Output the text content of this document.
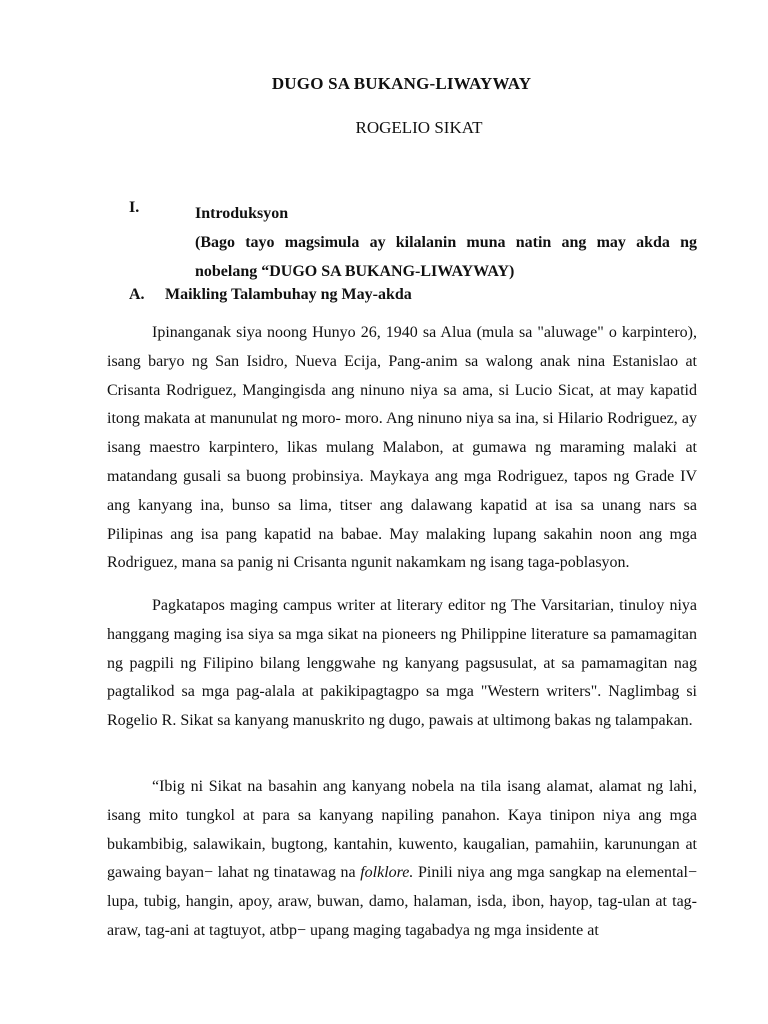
DUGO SA BUKANG-LIWAYWAY
ROGELIO SIKAT
I.	Introduksyon
(Bago tayo magsimula ay kilalanin muna natin ang may akda ng nobelang “DUGO SA BUKANG-LIWAYWAY)
A. Maikling Talambuhay ng May-akda

Ipinanganak siya noong Hunyo 26, 1940 sa Alua (mula sa "aluwage" o karpintero), isang baryo ng San Isidro, Nueva Ecija, Pang-anim sa walong anak nina Estanislao at Crisanta Rodriguez, Mangingisda ang ninuno niya sa ama, si Lucio Sicat, at may kapatid itong makata at manunulat ng moro- moro. Ang ninuno niya sa ina, si Hilario Rodriguez, ay isang maestro karpintero, likas mulang Malabon, at gumawa ng maraming malaki at matandang gusali sa buong probinsiya. Maykaya ang mga Rodriguez, tapos ng Grade IV ang kanyang ina, bunso sa lima, titser ang dalawang kapatid at isa sa unang nars sa Pilipinas ang isa pang kapatid na babae. May malaking lupang sakahin noon ang mga Rodriguez, mana sa panig ni Crisanta ngunit nakamkam ng isang taga-poblasyon.

Pagkatapos maging campus writer at literary editor ng The Varsitarian, tinuloy niya hanggang maging isa siya sa mga sikat na pioneers ng Philippine literature sa pamamagitan ng pagpili ng Filipino bilang lenggwahe ng kanyang pagsusulat, at sa pamamagitan nag pagtalikod sa mga pag-alala at pakikipagtagpo sa mga "Western writers". Naglimbag si Rogelio R. Sikat sa kanyang manuskrito ng dugo, pawais at ultimong bakas ng talampakan.

“Ibig ni Sikat na basahin ang kanyang nobela na tila isang alamat, alamat ng lahi, isang mito tungkol at para sa kanyang napiling panahon. Kaya tinipon niya ang mga bukambibig, salawikain, bugtong, kantahin, kuwento, kaugalian, pamahiin, karunungan at gawaing bayan− lahat ng tinatawag na folklore. Pinili niya ang mga sangkap na elemental− lupa, tubig, hangin, apoy, araw, buwan, damo, halaman, isda, ibon, hayop, tag-ulan at tag-araw, tag-ani at tagtuyot, atbp− upang maging tagabadya ng mga insidente at
